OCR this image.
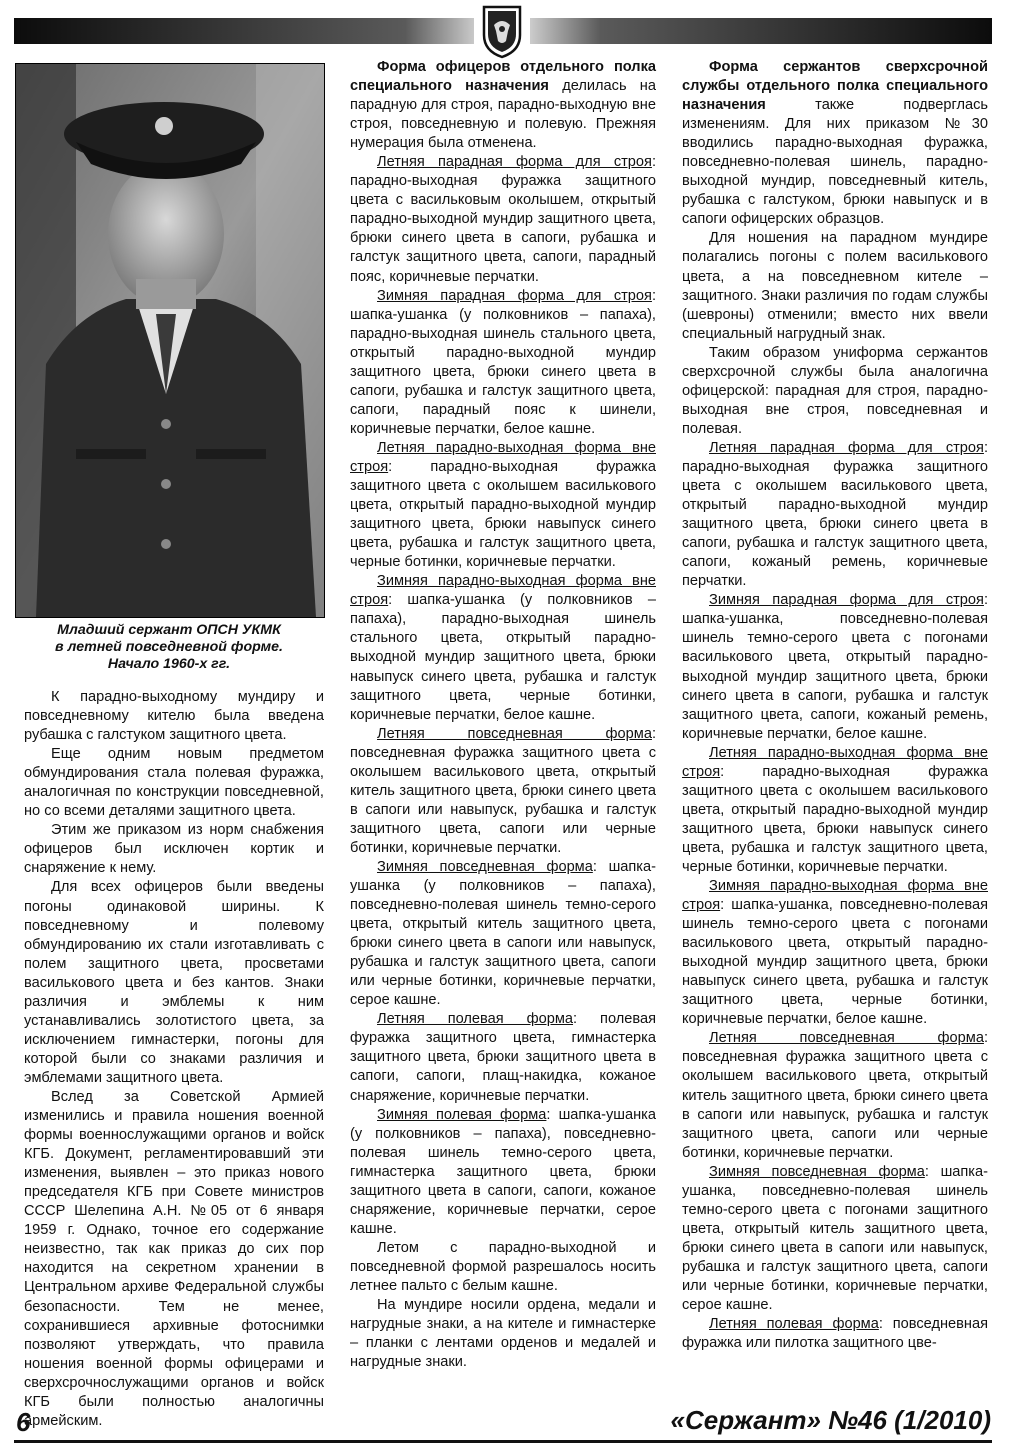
Младший сержант ОПСН УКМК
в летней повседневной форме.
Начало 1960-х гг.

К парадно-выходному мундиру и повседневному кителю была введена рубашка с галстуком защитного цвета.

Еще одним новым предметом обмундирования стала полевая фуражка, аналогичная по конструкции повседневной, но со всеми деталями защитного цвета.

Этим же приказом из норм снабжения офицеров был исключен кортик и снаряжение к нему.

Для всех офицеров были введены погоны одинаковой ширины. К повседневному и полевому обмундированию их стали изготавливать с полем защитного цвета, просветами василькового цвета и без кантов. Знаки различия и эмблемы к ним устанавливались золотистого цвета, за исключением гимнастерки, погоны для которой были со знаками различия и эмблемами защитного цвета.

Вслед за Советской Армией изменились и правила ношения военной формы военнослужащими органов и войск КГБ. Документ, регламентировавший эти изменения, выявлен – это приказ нового председателя КГБ при Совете министров СССР Шелепина А.Н. №05 от 6 января 1959 г. Однако, точное его содержание неизвестно, так как приказ до сих пор находится на секретном хранении в Центральном архиве Федеральной службы безопасности. Тем не менее, сохранившиеся архивные фотоснимки позволяют утверждать, что правила ношения военной формы офицерами и сверхсрочнослужащими органов и войск КГБ были полностью аналогичны армейским.

Форма офицеров отдельного полка специального назначения делилась на парадную для строя, парадно-выходную вне строя, повседневную и полевую. Прежняя нумерация была отменена.

Летняя парадная форма для строя: парадно-выходная фуражка защитного цвета с васильковым околышем, открытый парадно-выходной мундир защитного цвета, брюки синего цвета в сапоги, рубашка и галстук защитного цвета, сапоги, парадный пояс, коричневые перчатки.

Зимняя парадная форма для строя: шапка-ушанка (у полковников – папаха), парадно-выходная шинель стального цвета, открытый парадно-выходной мундир защитного цвета, брюки синего цвета в сапоги, рубашка и галстук защитного цвета, сапоги, парадный пояс к шинели, коричневые перчатки, белое кашне.

Летняя парадно-выходная форма вне строя: парадно-выходная фуражка защитного цвета с околышем василькового цвета, открытый парадно-выходной мундир защитного цвета, брюки навыпуск синего цвета, рубашка и галстук защитного цвета, черные ботинки, коричневые перчатки.

Зимняя парадно-выходная форма вне строя: шапка-ушанка (у полковников – папаха), парадно-выходная шинель стального цвета, открытый парадно-выходной мундир защитного цвета, брюки навыпуск синего цвета, рубашка и галстук защитного цвета, черные ботинки, коричневые перчатки, белое кашне.

Летняя повседневная форма: повседневная фуражка защитного цвета с околышем василькового цвета, открытый китель защитного цвета, брюки синего цвета в сапоги или навыпуск, рубашка и галстук защитного цвета, сапоги или черные ботинки, коричневые перчатки.

Зимняя повседневная форма: шапка-ушанка (у полковников – папаха), повседневно-полевая шинель темно-серого цвета, открытый китель защитного цвета, брюки синего цвета в сапоги или навыпуск, рубашка и галстук защитного цвета, сапоги или черные ботинки, коричневые перчатки, серое кашне.

Летняя полевая форма: полевая фуражка защитного цвета, гимнастерка защитного цвета, брюки защитного цвета в сапоги, сапоги, плащ-накидка, кожаное снаряжение, коричневые перчатки.

Зимняя полевая форма: шапка-ушанка (у полковников – папаха), повседневно-полевая шинель темно-серого цвета, гимнастерка защитного цвета, брюки защитного цвета в сапоги, сапоги, кожаное снаряжение, коричневые перчатки, серое кашне.

Летом с парадно-выходной и повседневной формой разрешалось носить летнее пальто с белым кашне.

На мундире носили ордена, медали и нагрудные знаки, а на кителе и гимнастерке – планки с лентами орденов и медалей и нагрудные знаки.

Форма сержантов сверхсрочной службы отдельного полка специального назначения также подверглась изменениям. Для них приказом №30 вводились парадно-выходная фуражка, повседневно-полевая шинель, парадно-выходной мундир, повседневный китель, рубашка с галстуком, брюки навыпуск и в сапоги офицерских образцов.

Для ношения на парадном мундире полагались погоны с полем василькового цвета, а на повседневном кителе – защитного. Знаки различия по годам службы (шевроны) отменили; вместо них ввели специальный нагрудный знак.

Таким образом униформа сержантов сверхсрочной службы была аналогична офицерской: парадная для строя, парадно-выходная вне строя, повседневная и полевая.

Летняя парадная форма для строя: парадно-выходная фуражка защитного цвета с околышем василькового цвета, открытый парадно-выходной мундир защитного цвета, брюки синего цвета в сапоги, рубашка и галстук защитного цвета, сапоги, кожаный ремень, коричневые перчатки.

Зимняя парадная форма для строя: шапка-ушанка, повседневно-полевая шинель темно-серого цвета с погонами василькового цвета, открытый парадно-выходной мундир защитного цвета, брюки синего цвета в сапоги, рубашка и галстук защитного цвета, сапоги, кожаный ремень, коричневые перчатки, белое кашне.

Летняя парадно-выходная форма вне строя: парадно-выходная фуражка защитного цвета с околышем василькового цвета, открытый парадно-выходной мундир защитного цвета, брюки навыпуск синего цвета, рубашка и галстук защитного цвета, черные ботинки, коричневые перчатки.

Зимняя парадно-выходная форма вне строя: шапка-ушанка, повседневно-полевая шинель темно-серого цвета с погонами василькового цвета, открытый парадно-выходной мундир защитного цвета, брюки навыпуск синего цвета, рубашка и галстук защитного цвета, черные ботинки, коричневые перчатки, белое кашне.

Летняя повседневная форма: повседневная фуражка защитного цвета с околышем василькового цвета, открытый китель защитного цвета, брюки синего цвета в сапоги или навыпуск, рубашка и галстук защитного цвета, сапоги или черные ботинки, коричневые перчатки.

Зимняя повседневная форма: шапка-ушанка, повседневно-полевая шинель темно-серого цвета с погонами защитного цвета, открытый китель защитного цвета, брюки синего цвета в сапоги или навыпуск, рубашка и галстук защитного цвета, сапоги или черные ботинки, коричневые перчатки, серое кашне.

Летняя полевая форма: повседневная фуражка или пилотка защитного цве-

6	«Сержант» №46 (1/2010)
